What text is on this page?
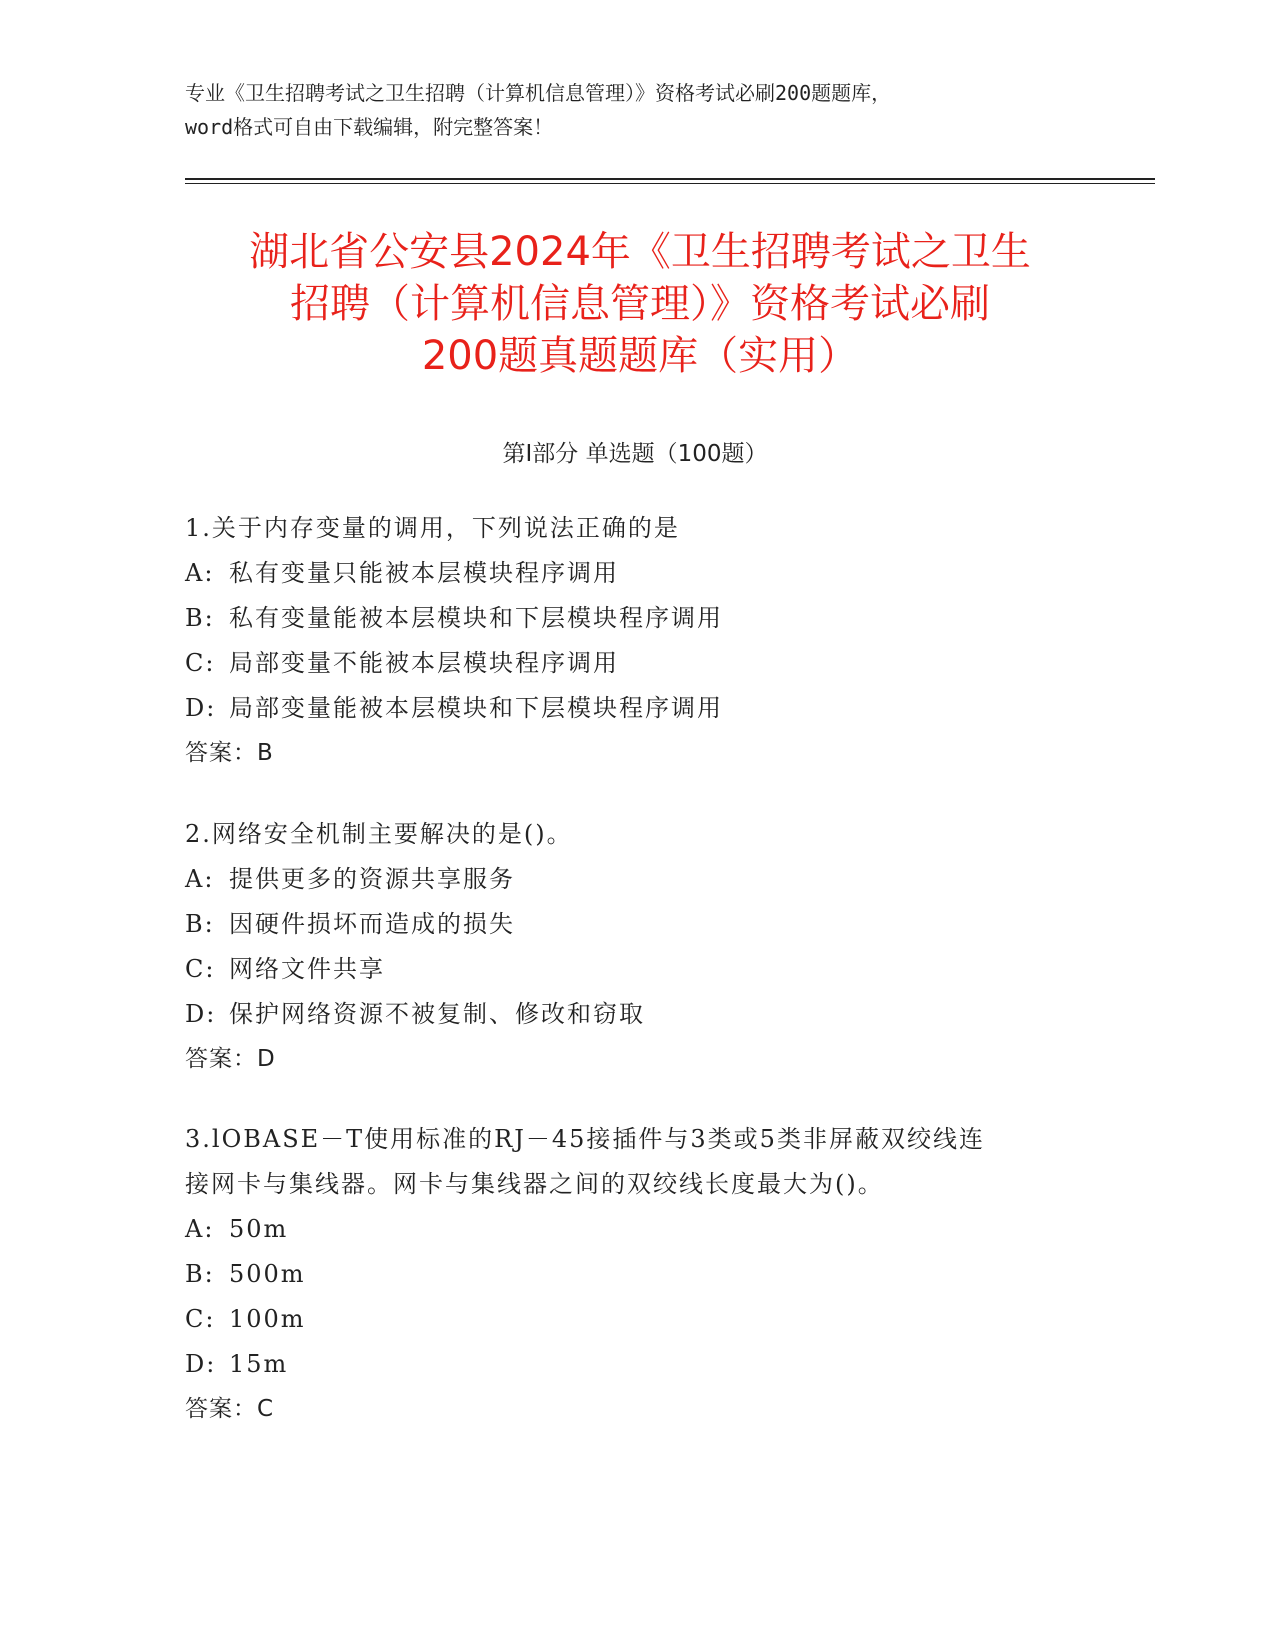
专业《卫生招聘考试之卫生招聘（计算机信息管理）》资格考试必刷200题题库，
word格式可自由下载编辑，附完整答案！
湖北省公安县2024年《卫生招聘考试之卫生
招聘（计算机信息管理）》资格考试必刷
200题真题题库（实用）
第Ⅰ部分 单选题（100题）
1.关于内存变量的调用，下列说法正确的是
A: 私有变量只能被本层模块程序调用
B: 私有变量能被本层模块和下层模块程序调用
C: 局部变量不能被本层模块程序调用
D: 局部变量能被本层模块和下层模块程序调用
答案：B
2.网络安全机制主要解决的是()。
A: 提供更多的资源共享服务
B: 因硬件损坏而造成的损失
C: 网络文件共享
D: 保护网络资源不被复制、修改和窃取
答案：D
3.lOBASE－T使用标准的RJ－45接插件与3类或5类非屏蔽双绞线连
接网卡与集线器。网卡与集线器之间的双绞线长度最大为()。
A: 50m
B: 500m
C: 100m
D: 15m
答案：C
